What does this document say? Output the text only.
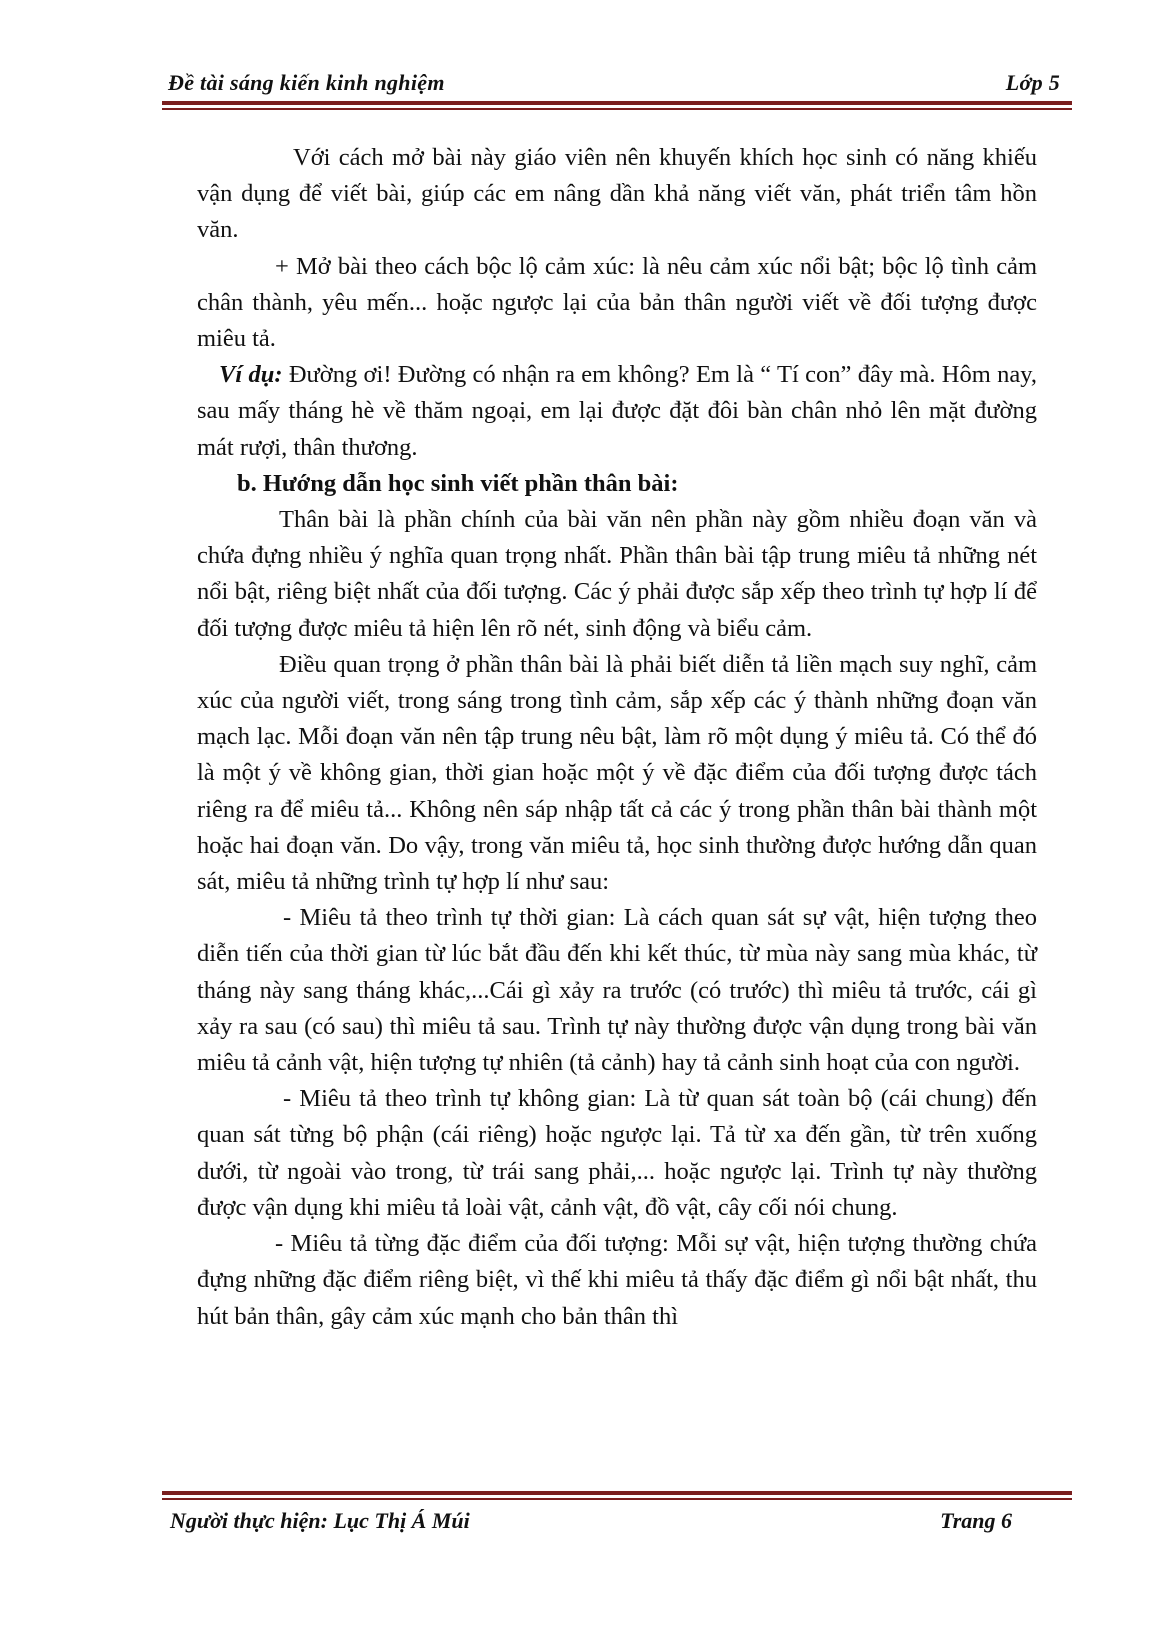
Đề tài sáng kiến kinh nghiệm	Lớp 5

Với cách mở bài này giáo viên nên khuyến khích học sinh có năng khiếu vận dụng để viết bài, giúp các em nâng dần khả năng viết văn, phát triển tâm hồn văn.

+ Mở bài theo cách bộc lộ cảm xúc: là nêu cảm xúc nổi bật; bộc lộ tình cảm chân thành, yêu mến... hoặc ngược lại của bản thân người viết về đối tượng được miêu tả.

Ví dụ: Đường ơi! Đường có nhận ra em không? Em là “ Tí con” đây mà. Hôm nay, sau mấy tháng hè về thăm ngoại, em lại được đặt đôi bàn chân nhỏ lên mặt đường mát rượi, thân thương.

b. Hướng dẫn học sinh viết phần thân bài:

Thân bài là phần chính của bài văn nên phần này gồm nhiều đoạn văn và chứa đựng nhiều ý nghĩa quan trọng nhất. Phần thân bài tập trung miêu tả những nét nổi bật, riêng biệt nhất của đối tượng. Các ý phải được sắp xếp theo trình tự hợp lí để đối tượng được miêu tả hiện lên rõ nét, sinh động và biểu cảm.

Điều quan trọng ở phần thân bài là phải biết diễn tả liền mạch suy nghĩ, cảm xúc của người viết, trong sáng trong tình cảm, sắp xếp các ý thành những đoạn văn mạch lạc. Mỗi đoạn văn nên tập trung nêu bật, làm rõ một dụng ý miêu tả. Có thể đó là một ý về không gian, thời gian hoặc một ý về đặc điểm của đối tượng được tách riêng ra để miêu tả... Không nên sáp nhập tất cả các ý trong phần thân bài thành một hoặc hai đoạn văn. Do vậy, trong văn miêu tả, học sinh thường được hướng dẫn quan sát, miêu tả những trình tự hợp lí như sau:

- Miêu tả theo trình tự thời gian: Là cách quan sát sự vật, hiện tượng theo diễn tiến của thời gian từ lúc bắt đầu đến khi kết thúc, từ mùa này sang mùa khác, từ tháng này sang tháng khác,...Cái gì xảy ra trước (có trước) thì miêu tả trước, cái gì xảy ra sau (có sau) thì miêu tả sau. Trình tự này thường được vận dụng trong bài văn miêu tả cảnh vật, hiện tượng tự nhiên (tả cảnh) hay tả cảnh sinh hoạt của con người.

- Miêu tả theo trình tự không gian: Là từ quan sát toàn bộ (cái chung) đến quan sát từng bộ phận (cái riêng) hoặc ngược lại. Tả từ xa đến gần, từ trên xuống dưới, từ ngoài vào trong, từ trái sang phải,... hoặc ngược lại. Trình tự này thường được vận dụng khi miêu tả loài vật, cảnh vật, đồ vật, cây cối nói chung.

- Miêu tả từng đặc điểm của đối tượng: Mỗi sự vật, hiện tượng thường chứa đựng những đặc điểm riêng biệt, vì thế khi miêu tả thấy đặc điểm gì nổi bật nhất, thu hút bản thân, gây cảm xúc mạnh cho bản thân thì

Người thực hiện: Lục Thị Á Múi	Trang 6
